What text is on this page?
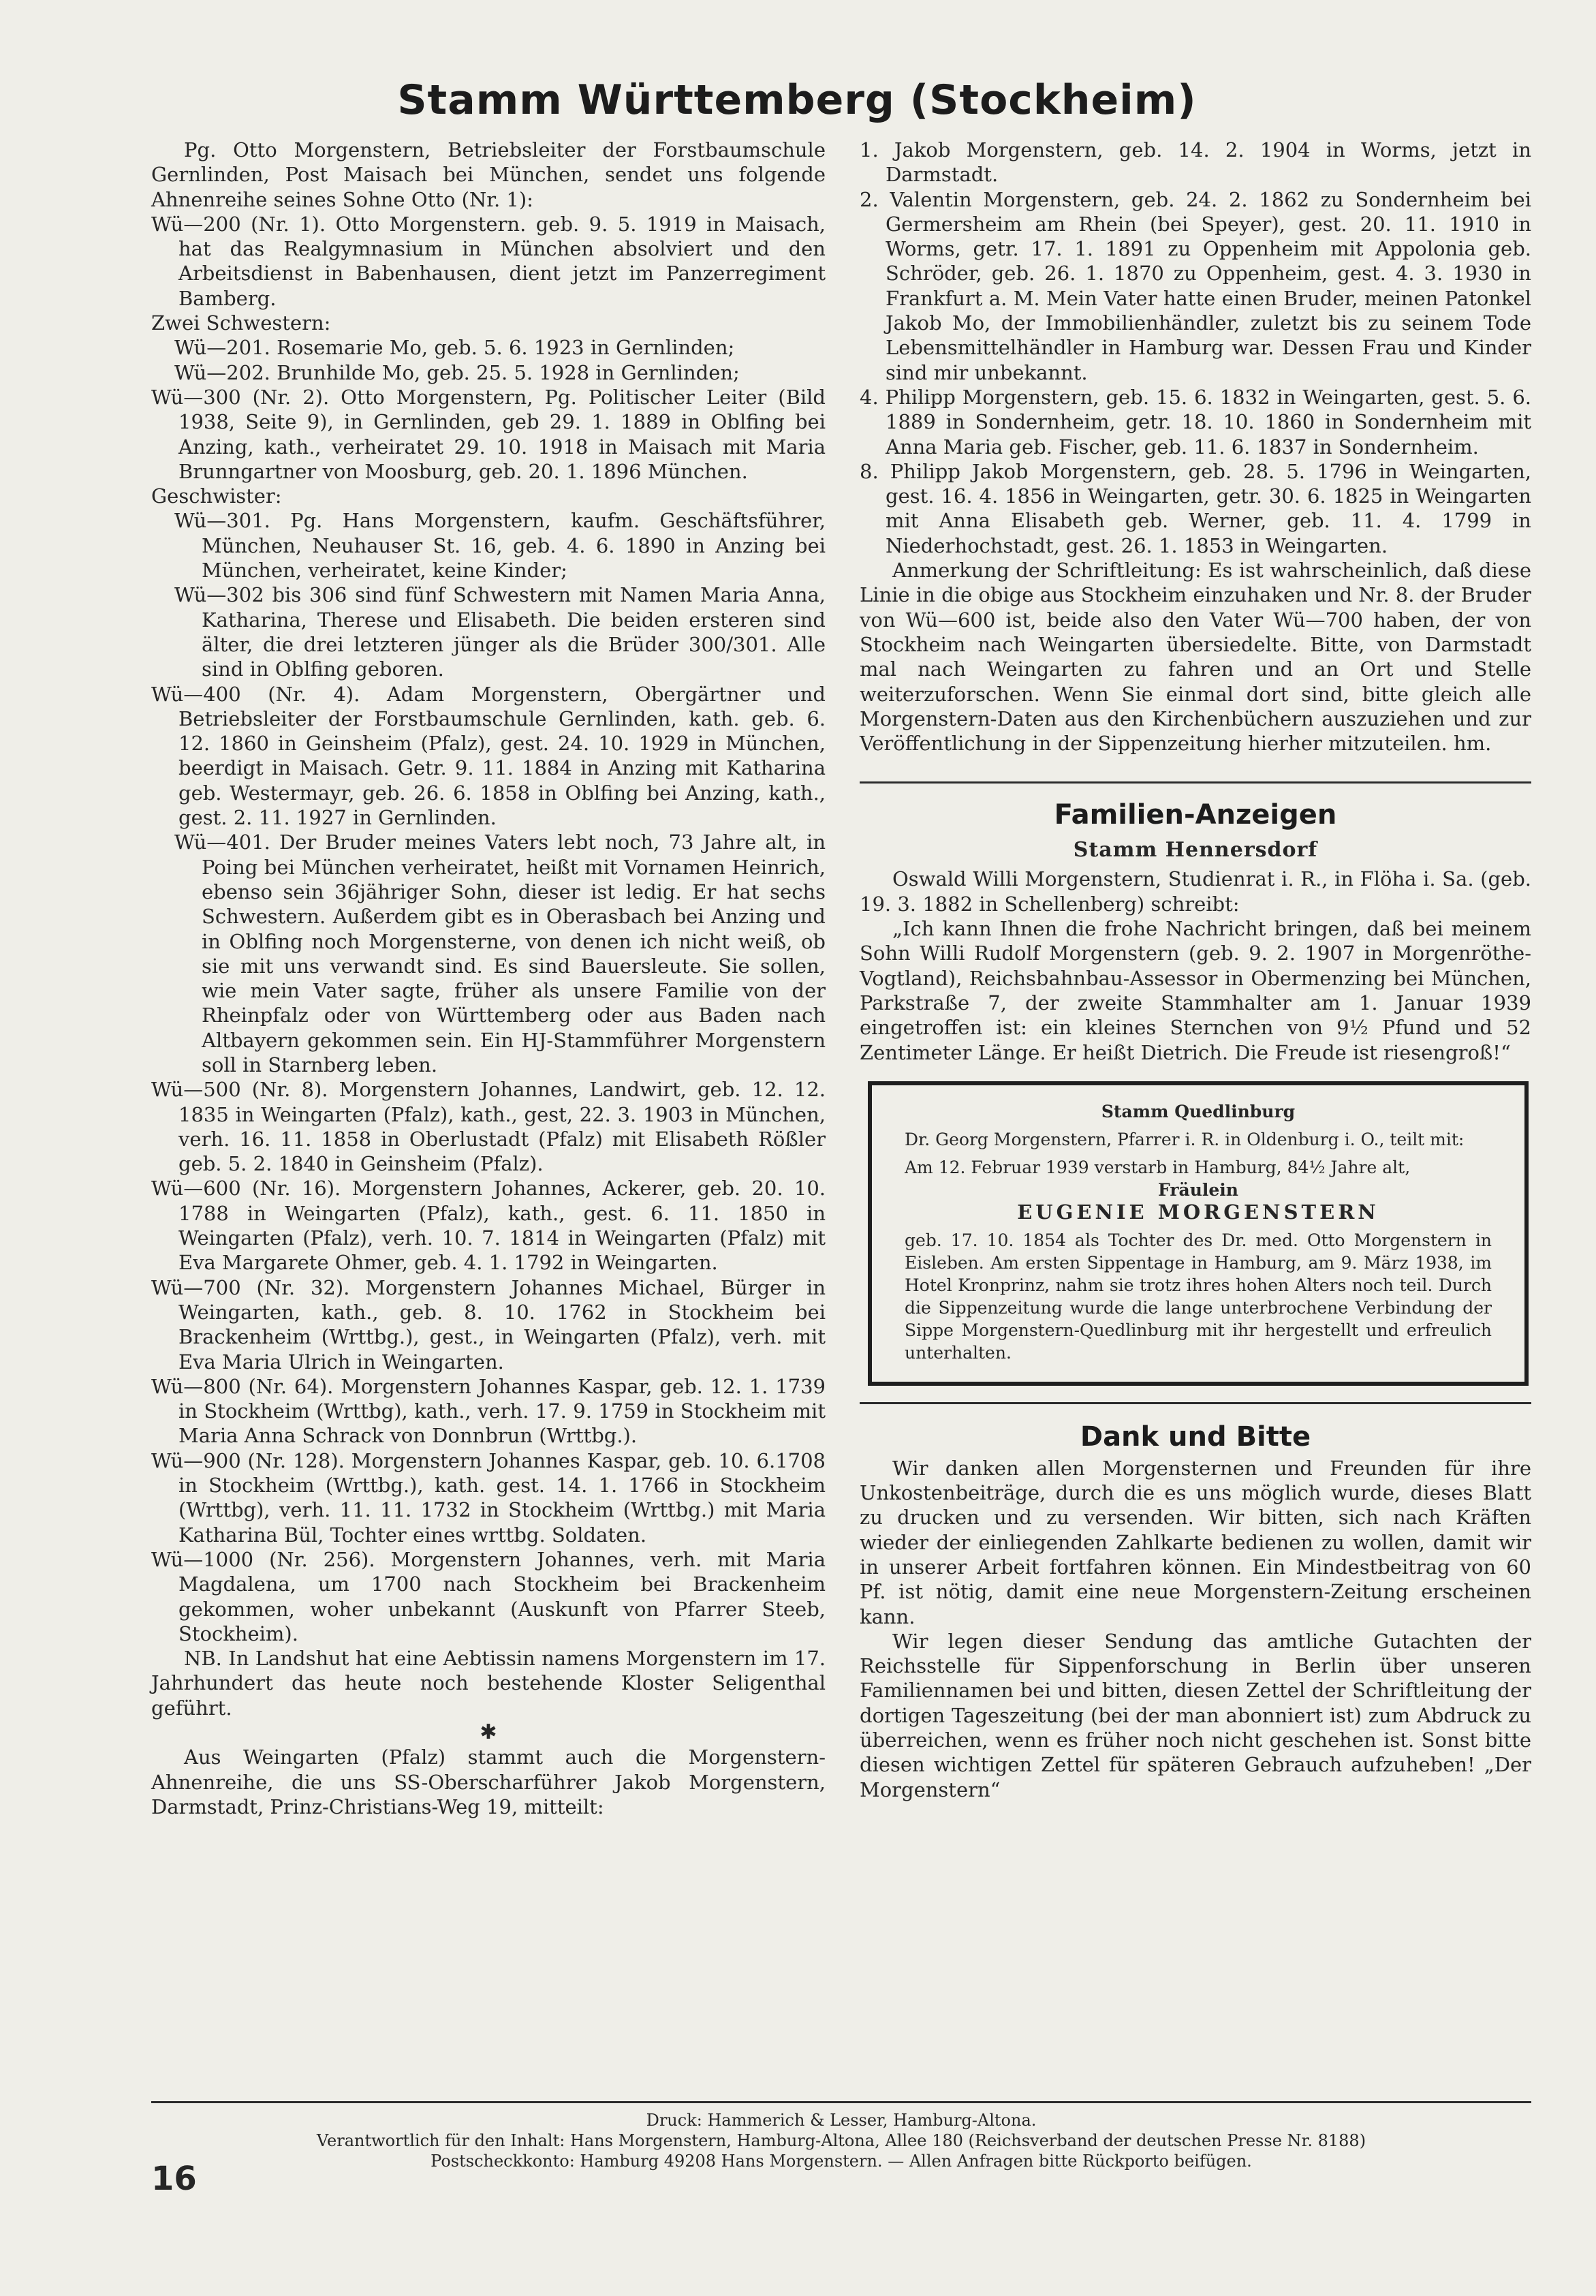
Stamm Württemberg (Stockheim)

Pg. Otto Morgenstern, Betriebsleiter der Forstbaumschule Gernlinden, Post Maisach bei München, sendet uns folgende Ahnenreihe seines Sohne Otto (Nr. 1):

Wü—200 (Nr. 1). Otto Morgenstern. geb. 9. 5. 1919 in Maisach, hat das Realgymnasium in München absolviert und den Arbeitsdienst in Babenhausen, dient jetzt im Panzerregiment Bamberg.

Zwei Schwestern:

Wü—201. Rosemarie Mo, geb. 5. 6. 1923 in Gernlinden;

Wü—202. Brunhilde Mo, geb. 25. 5. 1928 in Gernlinden;

Wü—300 (Nr. 2). Otto Morgenstern, Pg. Politischer Leiter (Bild 1938, Seite 9), in Gernlinden, geb 29. 1. 1889 in Oblfing bei Anzing, kath., verheiratet 29. 10. 1918 in Maisach mit Maria Brunngartner von Moosburg, geb. 20. 1. 1896 München.

Geschwister:

Wü—301. Pg. Hans Morgenstern, kaufm. Geschäftsführer, München, Neuhauser St. 16, geb. 4. 6. 1890 in Anzing bei München, verheiratet, keine Kinder;

Wü—302 bis 306 sind fünf Schwestern mit Namen Maria Anna, Katharina, Therese und Elisabeth. Die beiden ersteren sind älter, die drei letzteren jünger als die Brüder 300/301. Alle sind in Oblfing geboren.

Wü—400 (Nr. 4). Adam Morgenstern, Obergärtner und Betriebsleiter der Forstbaumschule Gernlinden, kath. geb. 6. 12. 1860 in Geinsheim (Pfalz), gest. 24. 10. 1929 in München, beerdigt in Maisach. Getr. 9. 11. 1884 in Anzing mit Katharina geb. Westermayr, geb. 26. 6. 1858 in Oblfing bei Anzing, kath., gest. 2. 11. 1927 in Gernlinden.

Wü—401. Der Bruder meines Vaters lebt noch, 73 Jahre alt, in Poing bei München verheiratet, heißt mit Vornamen Heinrich, ebenso sein 36jähriger Sohn, dieser ist ledig. Er hat sechs Schwestern. Außerdem gibt es in Oberasbach bei Anzing und in Oblfing noch Morgensterne, von denen ich nicht weiß, ob sie mit uns verwandt sind. Es sind Bauersleute. Sie sollen, wie mein Vater sagte, früher als unsere Familie von der Rheinpfalz oder von Württemberg oder aus Baden nach Altbayern gekommen sein. Ein HJ-Stammführer Morgenstern soll in Starnberg leben.

Wü—500 (Nr. 8). Morgenstern Johannes, Landwirt, geb. 12. 12. 1835 in Weingarten (Pfalz), kath., gest, 22. 3. 1903 in München, verh. 16. 11. 1858 in Oberlustadt (Pfalz) mit Elisabeth Rößler geb. 5. 2. 1840 in Geinsheim (Pfalz).

Wü—600 (Nr. 16). Morgenstern Johannes, Ackerer, geb. 20. 10. 1788 in Weingarten (Pfalz), kath., gest. 6. 11. 1850 in Weingarten (Pfalz), verh. 10. 7. 1814 in Weingarten (Pfalz) mit Eva Margarete Ohmer, geb. 4. 1. 1792 in Weingarten.

Wü—700 (Nr. 32). Morgenstern Johannes Michael, Bürger in Weingarten, kath., geb. 8. 10. 1762 in Stockheim bei Brackenheim (Wrttbg.), gest., in Weingarten (Pfalz), verh. mit Eva Maria Ulrich in Weingarten.

Wü—800 (Nr. 64). Morgenstern Johannes Kaspar, geb. 12. 1. 1739 in Stockheim (Wrttbg), kath., verh. 17. 9. 1759 in Stockheim mit Maria Anna Schrack von Donnbrun (Wrttbg.).

Wü—900 (Nr. 128). Morgenstern Johannes Kaspar, geb. 10. 6.1708 in Stockheim (Wrttbg.), kath. gest. 14. 1. 1766 in Stockheim (Wrttbg), verh. 11. 11. 1732 in Stockheim (Wrttbg.) mit Maria Katharina Bül, Tochter eines wrttbg. Soldaten.

Wü—1000 (Nr. 256). Morgenstern Johannes, verh. mit Maria Magdalena, um 1700 nach Stockheim bei Brackenheim gekommen, woher unbekannt (Auskunft von Pfarrer Steeb, Stockheim).

NB. In Landshut hat eine Aebtissin namens Morgenstern im 17. Jahrhundert das heute noch bestehende Kloster Seligenthal geführt.

✱

Aus Weingarten (Pfalz) stammt auch die Morgenstern-Ahnenreihe, die uns SS-Oberscharführer Jakob Morgenstern, Darmstadt, Prinz-Christians-Weg 19, mitteilt:

1. Jakob Morgenstern, geb. 14. 2. 1904 in Worms, jetzt in Darmstadt.

2. Valentin Morgenstern, geb. 24. 2. 1862 zu Sondernheim bei Germersheim am Rhein (bei Speyer), gest. 20. 11. 1910 in Worms, getr. 17. 1. 1891 zu Oppenheim mit Appolonia geb. Schröder, geb. 26. 1. 1870 zu Oppenheim, gest. 4. 3. 1930 in Frankfurt a. M. Mein Vater hatte einen Bruder, meinen Patonkel Jakob Mo, der Immobilienhändler, zuletzt bis zu seinem Tode Lebensmittelhändler in Hamburg war. Dessen Frau und Kinder sind mir unbekannt.

4. Philipp Morgenstern, geb. 15. 6. 1832 in Weingarten, gest. 5. 6. 1889 in Sondernheim, getr. 18. 10. 1860 in Sondernheim mit Anna Maria geb. Fischer, geb. 11. 6. 1837 in Sondernheim.

8. Philipp Jakob Morgenstern, geb. 28. 5. 1796 in Weingarten, gest. 16. 4. 1856 in Weingarten, getr. 30. 6. 1825 in Weingarten mit Anna Elisabeth geb. Werner, geb. 11. 4. 1799 in Niederhochstadt, gest. 26. 1. 1853 in Weingarten.

Anmerkung der Schriftleitung: Es ist wahrscheinlich, daß diese Linie in die obige aus Stockheim einzuhaken und Nr. 8. der Bruder von Wü—600 ist, beide also den Vater Wü—700 haben, der von Stockheim nach Weingarten übersiedelte. Bitte, von Darmstadt mal nach Weingarten zu fahren und an Ort und Stelle weiterzuforschen. Wenn Sie einmal dort sind, bitte gleich alle Morgenstern-Daten aus den Kirchenbüchern auszuziehen und zur Veröffentlichung in der Sippenzeitung hierher mitzuteilen. hm.

Familien-Anzeigen
Stamm Hennersdorf

Oswald Willi Morgenstern, Studienrat i. R., in Flöha i. Sa. (geb. 19. 3. 1882 in Schellenberg) schreibt:

„Ich kann Ihnen die frohe Nachricht bringen, daß bei meinem Sohn Willi Rudolf Morgenstern (geb. 9. 2. 1907 in Morgenröthe-Vogtland), Reichsbahnbau-Assessor in Obermenzing bei München, Parkstraße 7, der zweite Stammhalter am 1. Januar 1939 eingetroffen ist: ein kleines Sternchen von 9½ Pfund und 52 Zentimeter Länge. Er heißt Dietrich. Die Freude ist riesengroß!“

Stamm Quedlinburg
Dr. Georg Morgenstern, Pfarrer i. R. in Oldenburg i. O., teilt mit:
Am 12. Februar 1939 verstarb in Hamburg, 84½ Jahre alt,
Fräulein
EUGENIE MORGENSTERN
geb. 17. 10. 1854 als Tochter des Dr. med. Otto Morgenstern in Eisleben. Am ersten Sippentage in Hamburg, am 9. März 1938, im Hotel Kronprinz, nahm sie trotz ihres hohen Alters noch teil. Durch die Sippenzeitung wurde die lange unterbrochene Verbindung der Sippe Morgenstern-Quedlinburg mit ihr hergestellt und erfreulich unterhalten.
Dank und Bitte

Wir danken allen Morgensternen und Freunden für ihre Unkostenbeiträge, durch die es uns möglich wurde, dieses Blatt zu drucken und zu versenden. Wir bitten, sich nach Kräften wieder der einliegenden Zahlkarte bedienen zu wollen, damit wir in unserer Arbeit fortfahren können. Ein Mindestbeitrag von 60 Pf. ist nötig, damit eine neue Morgenstern-Zeitung erscheinen kann.

Wir legen dieser Sendung das amtliche Gutachten der Reichsstelle für Sippenforschung in Berlin über unseren Familiennamen bei und bitten, diesen Zettel der Schriftleitung der dortigen Tageszeitung (bei der man abonniert ist) zum Abdruck zu überreichen, wenn es früher noch nicht geschehen ist. Sonst bitte diesen wichtigen Zettel für späteren Gebrauch aufzuheben! „Der Morgenstern“

Druck: Hammerich & Lesser, Hamburg-Altona.
Verantwortlich für den Inhalt: Hans Morgenstern, Hamburg-Altona, Allee 180 (Reichsverband der deutschen Presse Nr. 8188)
Postscheckkonto: Hamburg 49208 Hans Morgenstern. — Allen Anfragen bitte Rückporto beifügen.
16
